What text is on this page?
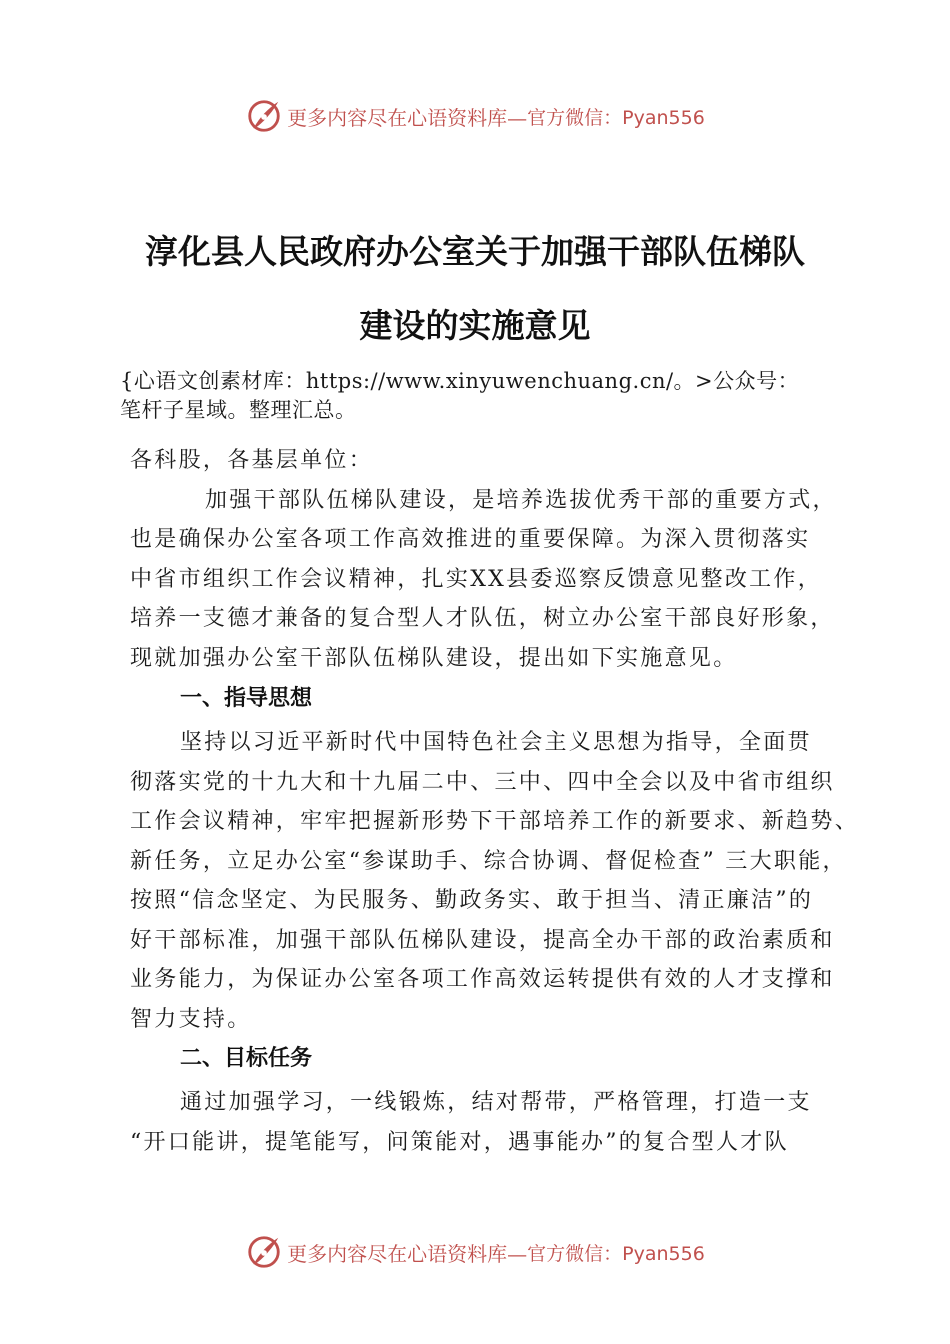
更多内容尽在心语资料库— 官方微信：Pyan556
淳化县人民政府办公室关于加强干部队伍梯队
建设的实施意见
{心语文创素材库：https://www.xinyuwenchuang.cn/。>公众号：
笔杆子星域。整理汇总。
各科股，各基层单位：
加强干部队伍梯队建设，是培养选拔优秀干部的重要方式，
也是确保办公室各项工作高效推进的重要保障。为深入贯彻落实
中省市组织工作会议精神，扎实XX县委巡察反馈意见整改工作，
培养一支德才兼备的复合型人才队伍，树立办公室干部良好形象，
现就加强办公室干部队伍梯队建设，提出如下实施意见。
一、指导思想
坚持以习近平新时代中国特色社会主义思想为指导，全面贯
彻落实党的十九大和十九届二中、三中、四中全会以及中省市组织
工作会议精神，牢牢把握新形势下干部培养工作的新要求、新趋势、
新任务，立足办公室“参谋助手、综合协调、督促检查” 三大职能，
按照“信念坚定、为民服务、勤政务实、敢于担当、清正廉洁”的
好干部标准，加强干部队伍梯队建设，提高全办干部的政治素质和
业务能力，为保证办公室各项工作高效运转提供有效的人才支撑和
智力支持。
二、目标任务
通过加强学习，一线锻炼，结对帮带，严格管理，打造一支
“开口能讲，提笔能写，问策能对，遇事能办”的复合型人才队
更多内容尽在心语资料库— 官方微信：Pyan556
